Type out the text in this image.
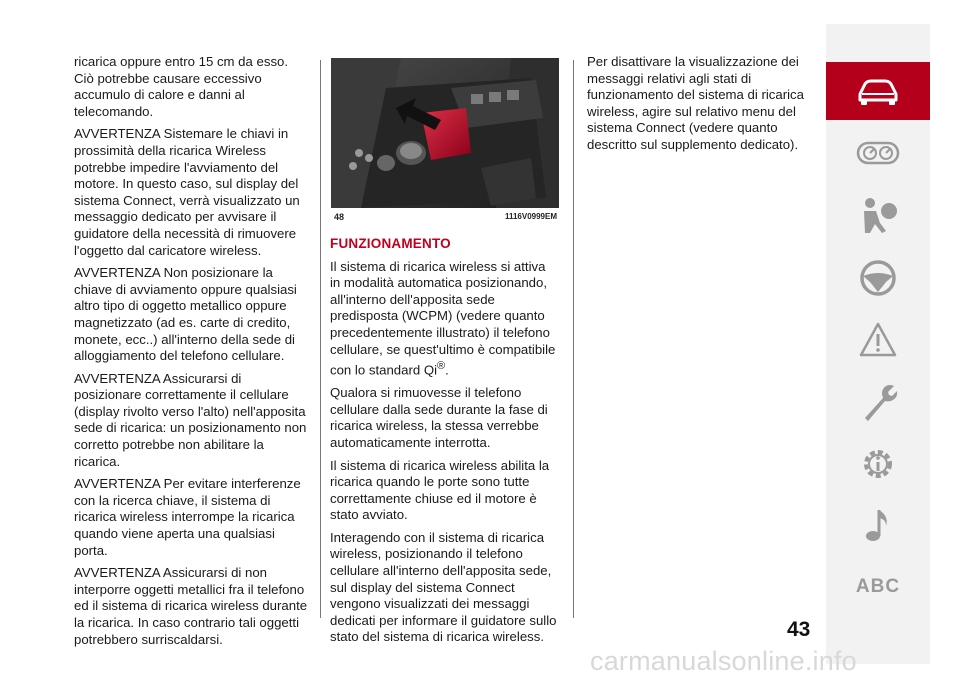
ricarica oppure entro 15 cm da esso. Ciò potrebbe causare eccessivo accumulo di calore e danni al telecomando.

AVVERTENZA Sistemare le chiavi in prossimità della ricarica Wireless potrebbe impedire l'avviamento del motore. In questo caso, sul display del sistema Connect, verrà visualizzato un messaggio dedicato per avvisare il guidatore della necessità di rimuovere l'oggetto dal caricatore wireless.

AVVERTENZA Non posizionare la chiave di avviamento oppure qualsiasi altro tipo di oggetto metallico oppure magnetizzato (ad es. carte di credito, monete, ecc..) all'interno della sede di alloggiamento del telefono cellulare.

AVVERTENZA Assicurarsi di posizionare correttamente il cellulare (display rivolto verso l'alto) nell'apposita sede di ricarica: un posizionamento non corretto potrebbe non abilitare la ricarica.

AVVERTENZA Per evitare interferenze con la ricerca chiave, il sistema di ricarica wireless interrompe la ricarica quando viene aperta una qualsiasi porta.

AVVERTENZA Assicurarsi di non interporre oggetti metallici fra il telefono ed il sistema di ricarica wireless durante la ricarica. In caso contrario tali oggetti potrebbero surriscaldarsi.

48	1116V0999EM

FUNZIONAMENTO

Il sistema di ricarica wireless si attiva in modalità automatica posizionando, all'interno dell'apposita sede predisposta (WCPM) (vedere quanto precedentemente illustrato) il telefono cellulare, se quest'ultimo è compatibile con lo standard Qi®.

Qualora si rimuovesse il telefono cellulare dalla sede durante la fase di ricarica wireless, la stessa verrebbe automaticamente interrotta.

Il sistema di ricarica wireless abilita la ricarica quando le porte sono tutte correttamente chiuse ed il motore è stato avviato.

Interagendo con il sistema di ricarica wireless, posizionando il telefono cellulare all'interno dell'apposita sede, sul display del sistema Connect vengono visualizzati dei messaggi dedicati per informare il guidatore sullo stato del sistema di ricarica wireless.

Per disattivare la visualizzazione dei messaggi relativi agli stati di funzionamento del sistema di ricarica wireless, agire sul relativo menu del sistema Connect (vedere quanto descritto sul supplemento dedicato).

ABC
43
carmanualsonline.info
